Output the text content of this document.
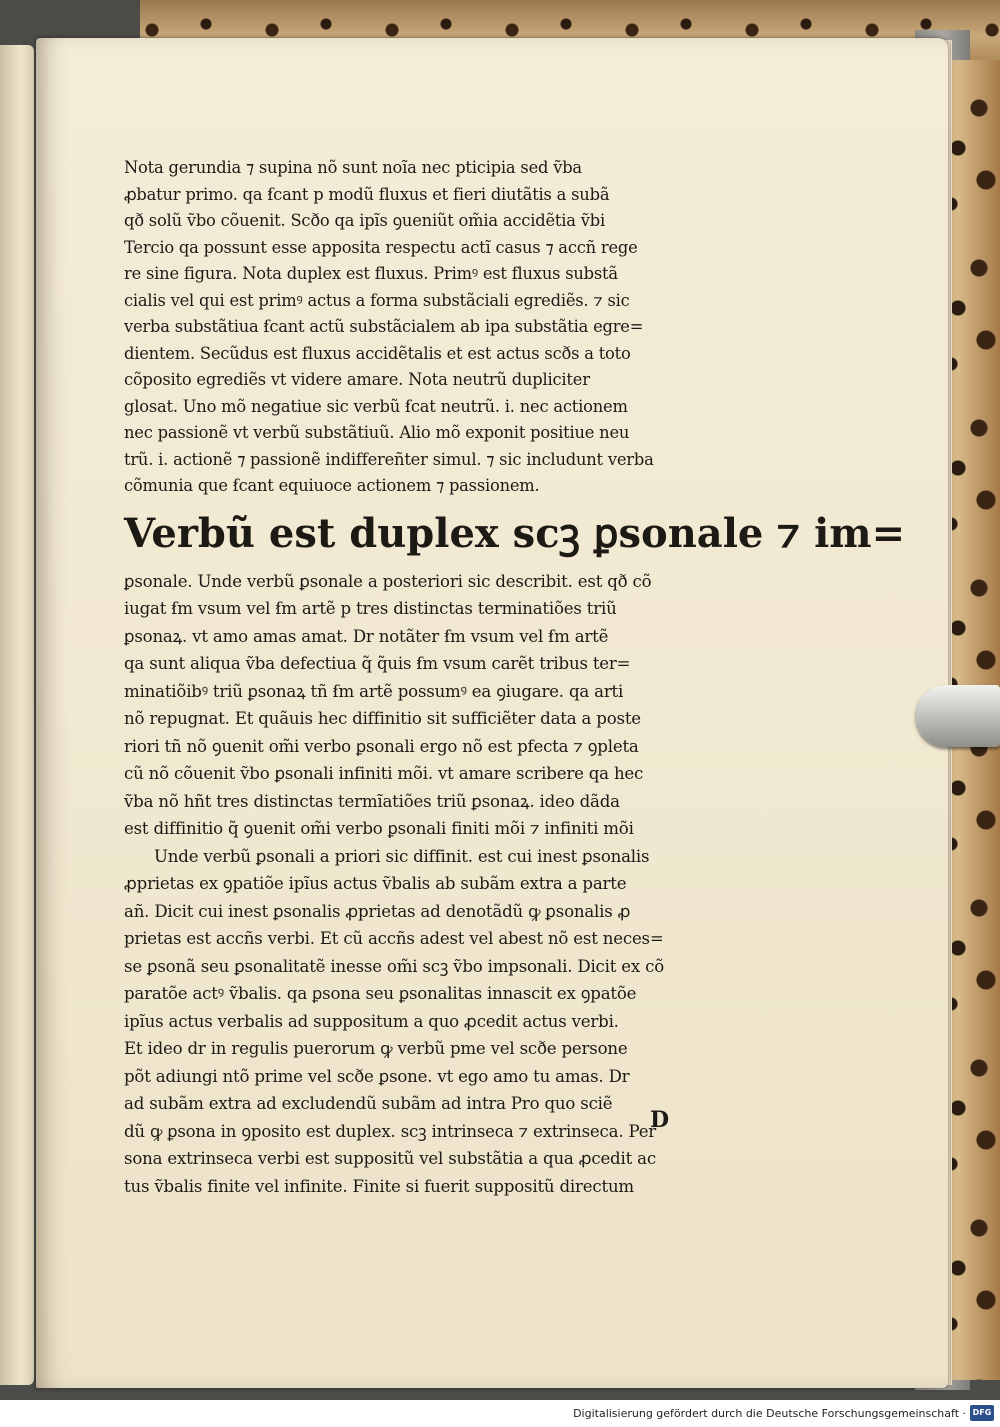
Nota gerundia ⁊ supina nõ sunt noĩa nec pticipia sed ṽba
ꝓbatur primo. qa ẜcant p modũ fluxus et fieri diutãtis a subã
qð solũ ṽbo cõuenit. Scðo qa ipĩs ꝯueniũt om̃ia accidẽtia ṽbi
Tercio qa possunt esse apposita respectu actĩ casus ⁊ accñ rege
re sine figura. Nota duplex est fluxus. Primꝰ est fluxus substã
cialis vel qui est primꝰ actus a forma substãciali egrediẽs. ⁊ sic
verba substãtiua ẜcant actũ substãcialem ab ipa substãtia egre=
dientem. Secũdus est fluxus accidẽtalis et est actus scðs a toto
cõposito egrediẽs vt videre amare. Nota neutrũ dupliciter
glosat. Uno mõ negatiue sic verbũ ẜcat neutrũ. i. nec actionem
nec passionẽ vt verbũ substãtiuũ. Alio mõ exponit positiue neu
trũ. i. actionẽ ⁊ passionẽ indiffereñter simul. ⁊ sic includunt verba
cõmunia que ẜcant equiuoce actionem ⁊ passionem.
Verbũ est duplex scꝫ ꝑsonale ⁊ im=
ꝑsonale. Unde verbũ ꝑsonale a posteriori sic describit. est qð cõ
iugat ẜm vsum vel ẜm artẽ p tres distinctas terminatiões triũ
ꝑsonaꝝ. vt amo amas amat. Dr notãter ẜm vsum vel ẜm artẽ
qa sunt aliqua ṽba defectiua q̃ q̃uis ẜm vsum carẽt tribus ter=
minatiõibꝰ triũ ꝑsonaꝝ tñ ẜm artẽ possumꝰ ea ꝯiugare. qa arti
nõ repugnat. Et quãuis hec diffinitio sit sufficiẽter data a poste
riori tñ nõ ꝯuenit om̃i verbo ꝑsonali ergo nõ est pfecta ⁊ ꝯpleta
cũ nõ cõuenit ṽbo ꝑsonali infiniti mõi. vt amare scribere qa hec
ṽba nõ hñt tres distinctas termĩatiões triũ ꝑsonaꝝ. ideo dãda
est diffinitio q̃ ꝯuenit om̃i verbo ꝑsonali finiti mõi ⁊ infiniti mõi
Unde verbũ ꝑsonali a priori sic diffinit. est cui inest ꝑsonalis
ꝓprietas ex ꝯpatiõe ipĩus actus ṽbalis ab subãm extra a parte
añ. Dicit cui inest ꝑsonalis ꝓprietas ad denotãdũ ꝙ ꝑsonalis ꝓ
prietas est accñs verbi. Et cũ accñs adest vel abest nõ est neces=
se ꝑsonã seu ꝑsonalitatẽ inesse om̃i scꝫ ṽbo impsonali. Dicit ex cõ
paratõe actꝰ ṽbalis. qa ꝑsona seu ꝑsonalitas innascit ex ꝯpatõe
ipĩus actus verbalis ad suppositum a quo ꝓcedit actus verbi.
Et ideo dr in regulis puerorum ꝙ verbũ pme vel scðe persone
põt adiungi ntõ prime vel scðe ꝑsone. vt ego amo tu amas. Dr
ad subãm extra ad excludendũ subãm ad intra Pro quo sciẽ
dũ ꝙ ꝑsona in ꝯposito est duplex. scꝫ intrinseca ⁊ extrinseca. Per
sona extrinseca verbi est suppositũ vel substãtia a qua ꝓcedit ac
tus ṽbalis finite vel infinite. Finite si fuerit suppositũ directum
D
Digitalisierung gefördert durch die Deutsche Forschungsgemeinschaft · DFG
